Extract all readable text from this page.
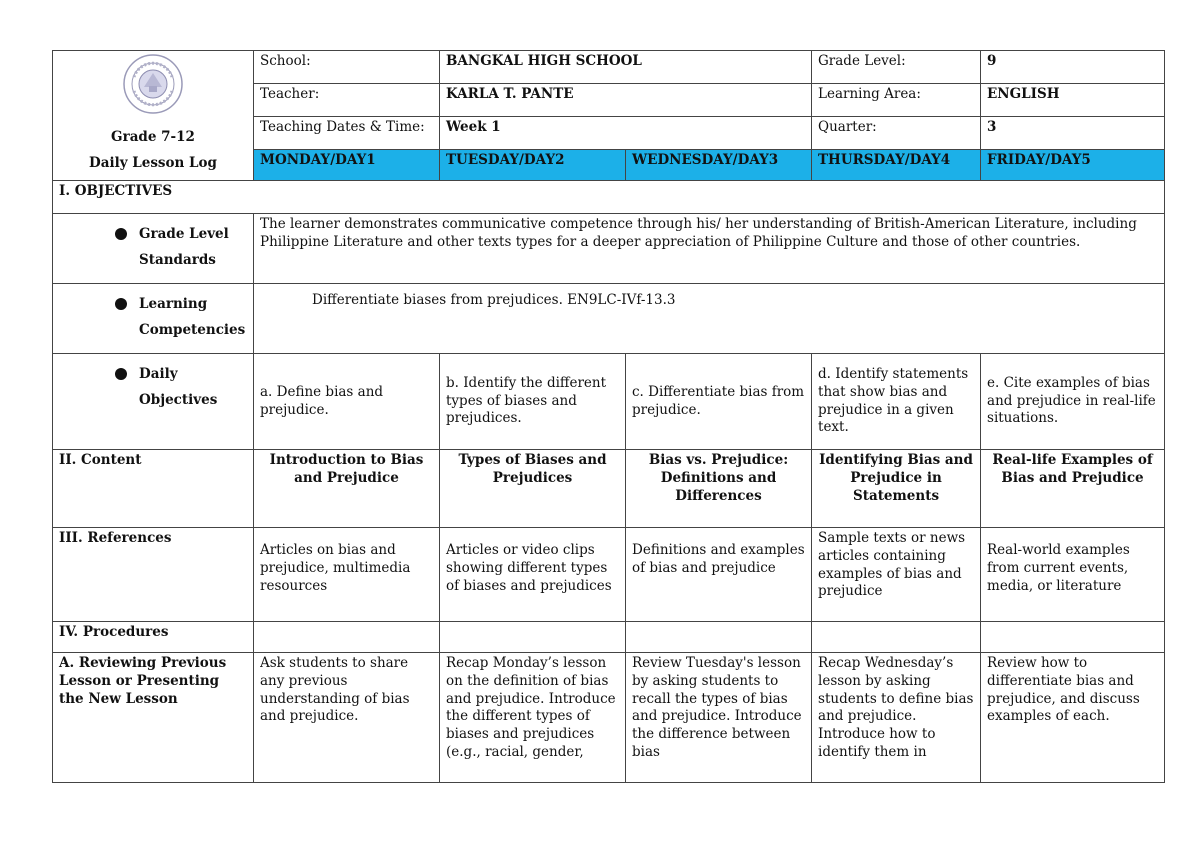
Grade 7-12
Daily Lesson Log	School:	BANGKAL HIGH SCHOOL		Grade Level:	9
	Teacher:	KARLA T. PANTE		Learning Area:	ENGLISH
	Teaching Dates & Time:	Week 1		Quarter:	3
	MONDAY/DAY1	TUESDAY/DAY2	WEDNESDAY/DAY3	THURSDAY/DAY4	FRIDAY/DAY5
I. OBJECTIVES					

Grade Level
Standards	The learner demonstrates communicative competence through his/ her understanding of British-American Literature, including Philippine Literature and other texts types for a deeper appreciation of Philippine Culture and those of other countries.				

Learning
Competencies	Differentiate biases from prejudices. EN9LC-IVf-13.3				

Daily
Objectives	a. Define bias and prejudice.	b. Identify the different types of biases and prejudices.	c. Differentiate bias from prejudice.	d. Identify statements that show bias and prejudice in a given text.	e. Cite examples of bias and prejudice in real-life situations.
II. Content	Introduction to Bias and Prejudice	Types of Biases and Prejudices	Bias vs. Prejudice: Definitions and Differences	Identifying Bias and Prejudice in Statements	Real-life Examples of Bias and Prejudice
III. References	Articles on bias and prejudice, multimedia resources	Articles or video clips showing different types of biases and prejudices	Definitions and examples of bias and prejudice	Sample texts or news articles containing examples of bias and prejudice	Real-world examples from current events, media, or literature
IV. Procedures					
A. Reviewing Previous Lesson or Presenting the New Lesson	Ask students to share any previous understanding of bias and prejudice.	Recap Monday’s lesson on the definition of bias and prejudice. Introduce the different types of biases and prejudices (e.g., racial, gender,	Review Tuesday's lesson by asking students to recall the types of bias and prejudice. Introduce the difference between bias	Recap Wednesday’s lesson by asking students to define bias and prejudice. Introduce how to identify them in	Review how to differentiate bias and prejudice, and discuss examples of each.
